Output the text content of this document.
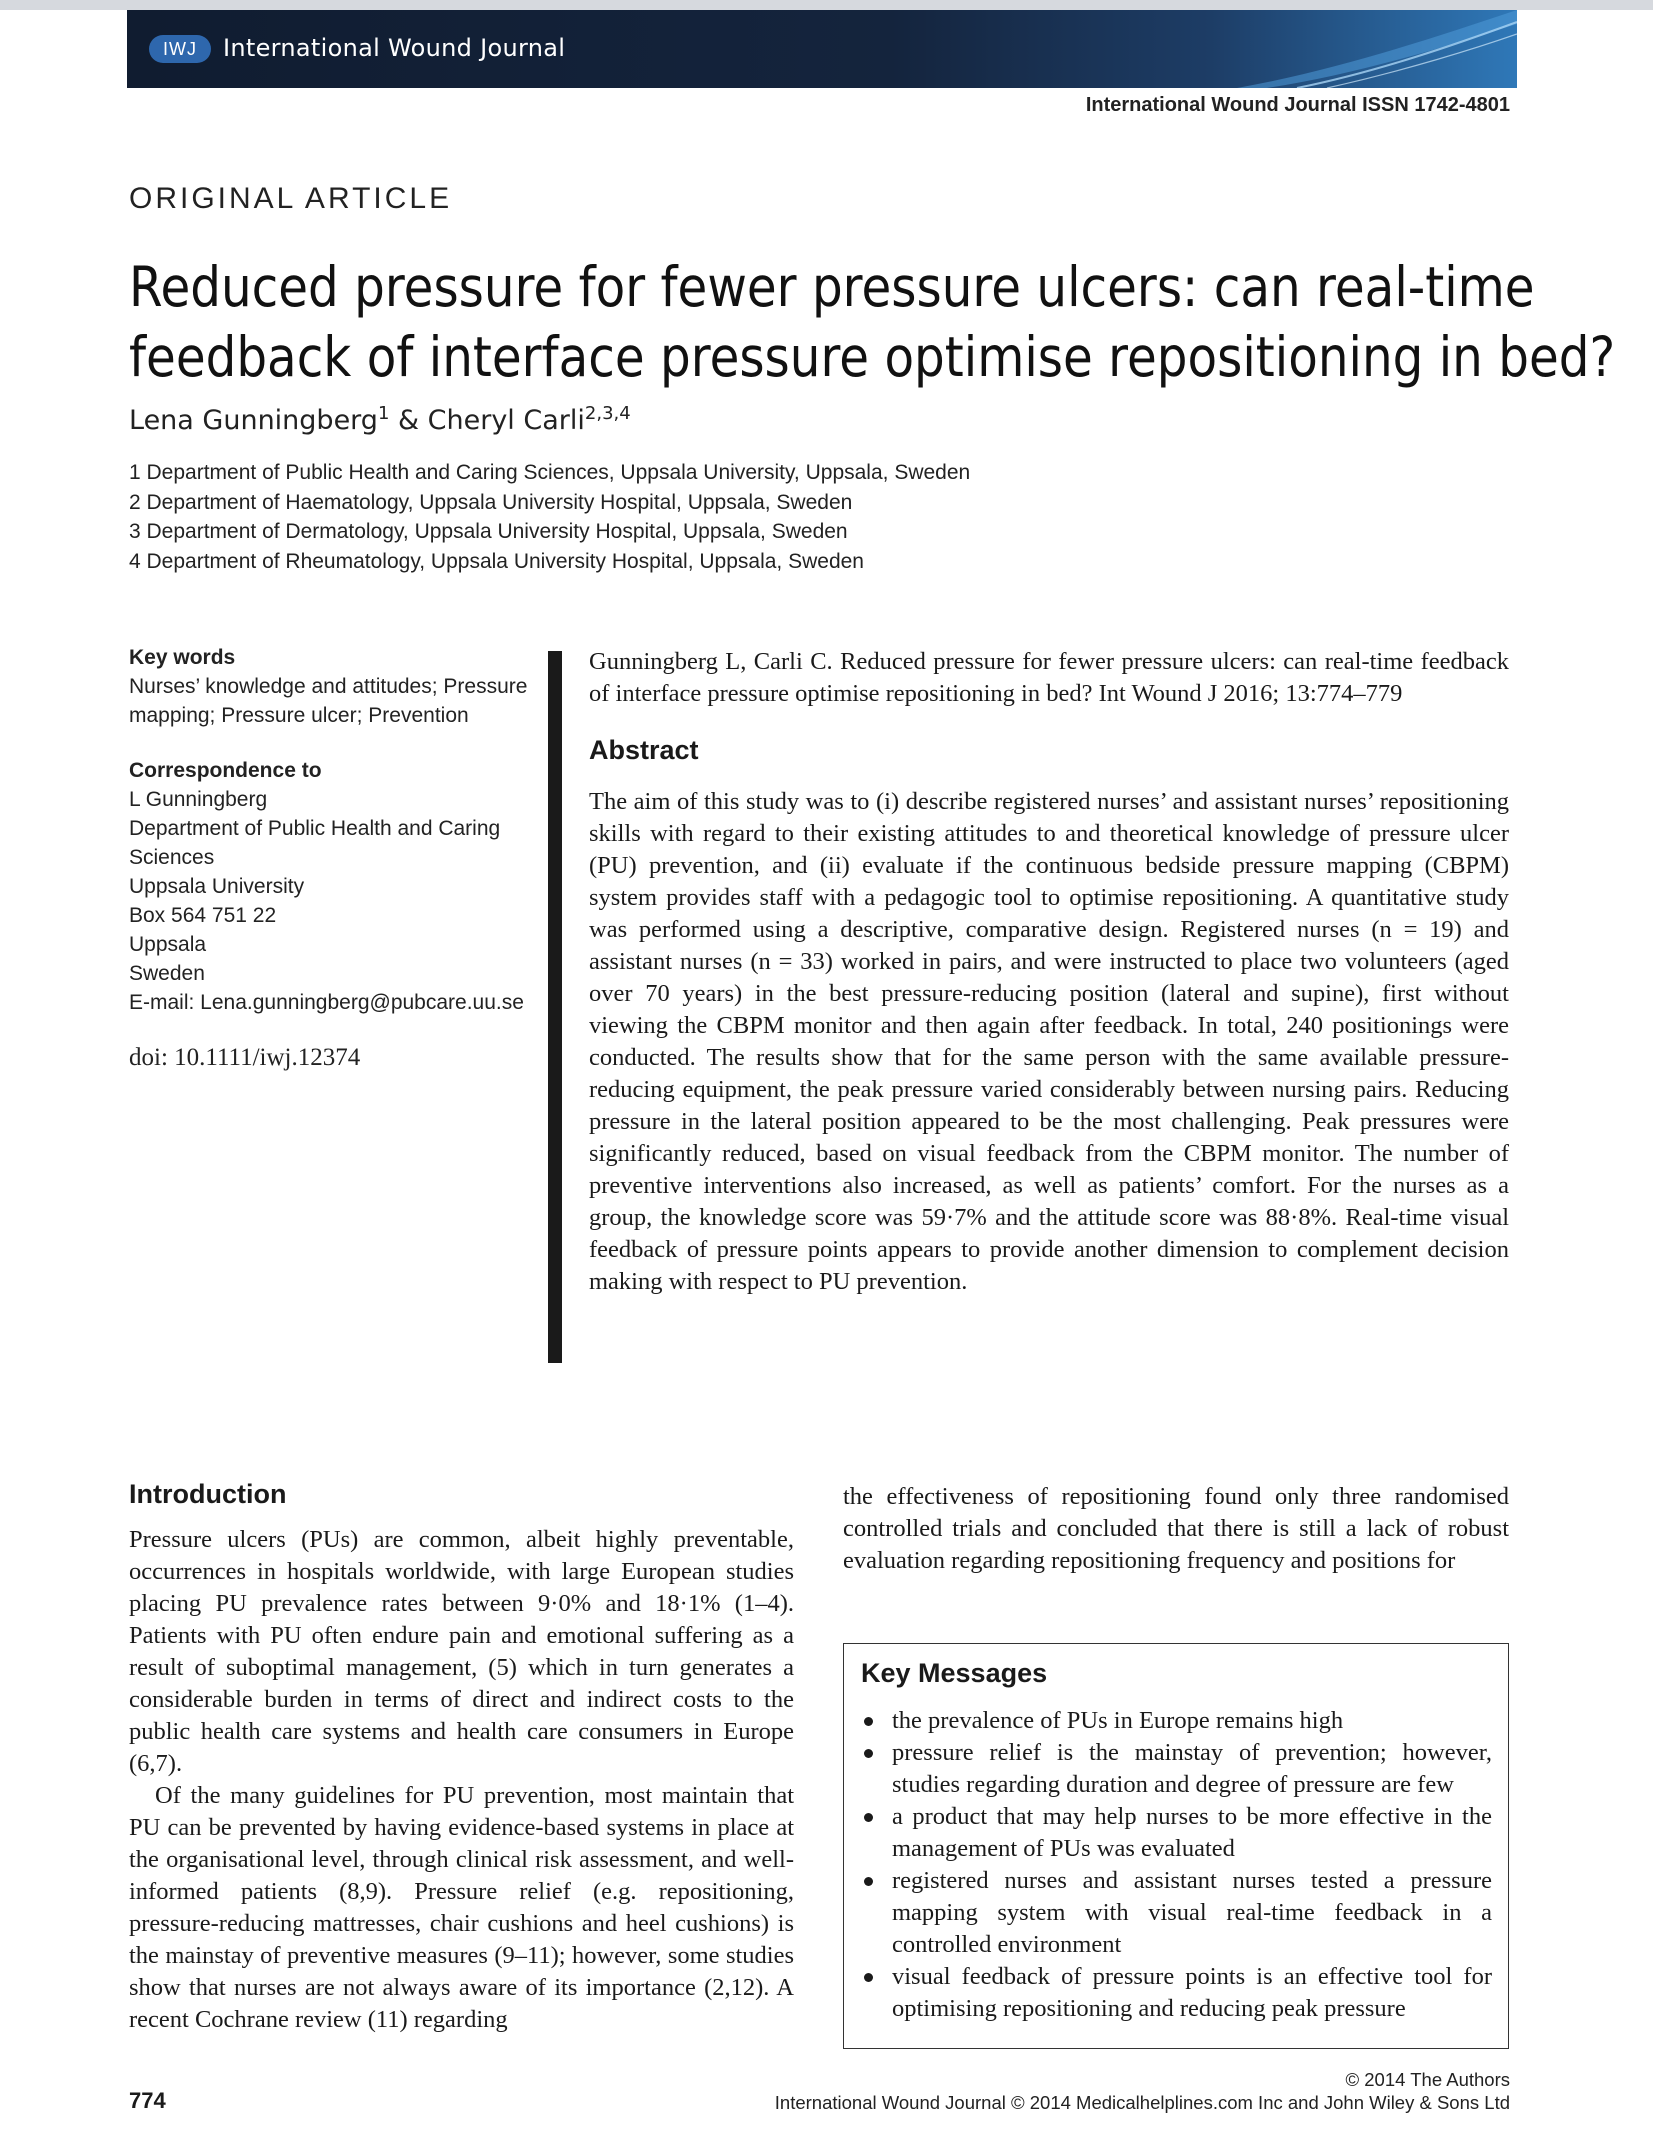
IWJ	International Wound Journal
International Wound Journal ISSN 1742-4801
ORIGINAL ARTICLE
Reduced pressure for fewer pressure ulcers: can real-time
feedback of interface pressure optimise repositioning in bed?
Lena Gunningberg$^1$ & Cheryl Carli$^{2,3,4}$
1 Department of Public Health and Caring Sciences, Uppsala University, Uppsala, Sweden
2 Department of Haematology, Uppsala University Hospital, Uppsala, Sweden
3 Department of Dermatology, Uppsala University Hospital, Uppsala, Sweden
4 Department of Rheumatology, Uppsala University Hospital, Uppsala, Sweden
Key words
Nurses’ knowledge and attitudes; Pressure mapping; Pressure ulcer; Prevention
Correspondence to
L Gunningberg
Department of Public Health and Caring Sciences
Uppsala University
Box 564 751 22
Uppsala
Sweden
E-mail: Lena.gunningberg@pubcare.uu.se
doi: 10.1111/iwj.12374

Gunningberg L, Carli C. Reduced pressure for fewer pressure ulcers: can real-time feedback of interface pressure optimise repositioning in bed? Int Wound J 2016; 13:774–779

Abstract

The aim of this study was to (i) describe registered nurses’ and assistant nurses’ repositioning skills with regard to their existing attitudes to and theoretical knowledge of pressure ulcer (PU) prevention, and (ii) evaluate if the continuous bedside pressure mapping (CBPM) system provides staff with a pedagogic tool to optimise repositioning. A quantitative study was performed using a descriptive, comparative design. Registered nurses (n = 19) and assistant nurses (n = 33) worked in pairs, and were instructed to place two volunteers (aged over 70 years) in the best pressure-reducing position (lateral and supine), first without viewing the CBPM monitor and then again after feedback. In total, 240 positionings were conducted. The results show that for the same person with the same available pressure-reducing equipment, the peak pressure varied considerably between nursing pairs. Reducing pressure in the lateral position appeared to be the most challenging. Peak pressures were significantly reduced, based on visual feedback from the CBPM monitor. The number of preventive interventions also increased, as well as patients’ comfort. For the nurses as a group, the knowledge score was 59·7% and the attitude score was 88·8%. Real-time visual feedback of pressure points appears to provide another dimension to complement decision making with respect to PU prevention.

Introduction

Pressure ulcers (PUs) are common, albeit highly preventable, occurrences in hospitals worldwide, with large European studies placing PU prevalence rates between 9·0% and 18·1% (1–4). Patients with PU often endure pain and emotional suffering as a result of suboptimal management, (5) which in turn generates a considerable burden in terms of direct and indirect costs to the public health care systems and health care consumers in Europe (6,7).

Of the many guidelines for PU prevention, most maintain that PU can be prevented by having evidence-based systems in place at the organisational level, through clinical risk assessment, and well-informed patients (8,9). Pressure relief (e.g. repositioning, pressure-reducing mattresses, chair cushions and heel cushions) is the mainstay of preventive measures (9–11); however, some studies show that nurses are not always aware of its importance (2,12). A recent Cochrane review (11) regarding

the effectiveness of repositioning found only three randomised controlled trials and concluded that there is still a lack of robust evaluation regarding repositioning frequency and positions for

Key Messages
the prevalence of PUs in Europe remains high
pressure relief is the mainstay of prevention; however, studies regarding duration and degree of pressure are few
a product that may help nurses to be more effective in the management of PUs was evaluated
registered nurses and assistant nurses tested a pressure mapping system with visual real-time feedback in a controlled environment
visual feedback of pressure points is an effective tool for optimising repositioning and reducing peak pressure
774
© 2014 The Authors
International Wound Journal © 2014 Medicalhelplines.com Inc and John Wiley & Sons Ltd
